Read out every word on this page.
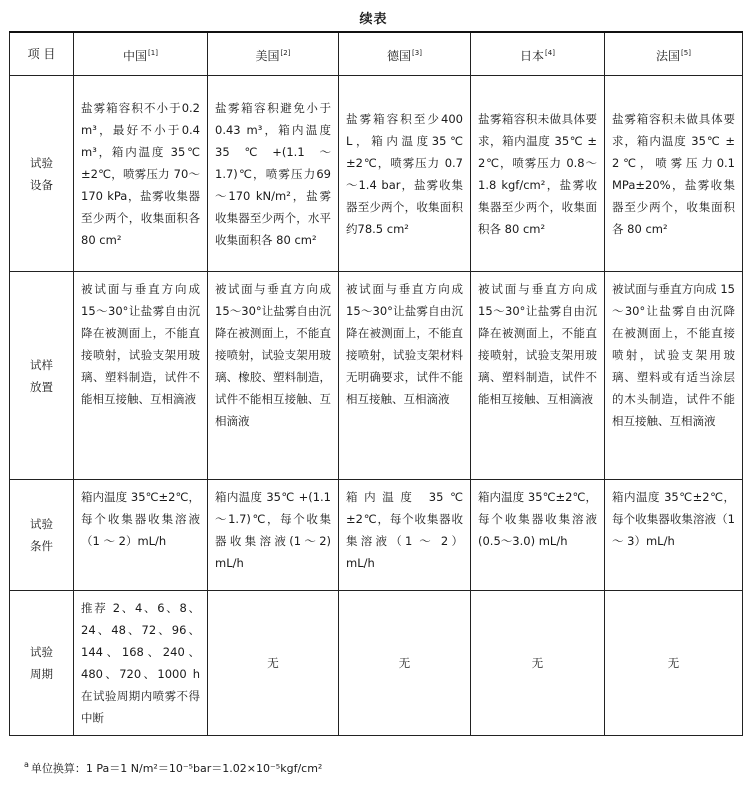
续表
项 目	中国[1]	美国[2]	德国[3]	日本[4]	法国[5]

试验
设备	盐雾箱容积不小于0.2 m³，最好不小于0.4 m³，箱内温度 35℃±2℃，喷雾压力 70～170 kPa，盐雾收集器至少两个，收集面积各 80 cm²	盐雾箱容积避免小于 0.43 m³，箱内温度 35℃+(1.1～1.7)℃，喷雾压力69～170 kN/m²，盐雾收集器至少两个，水平收集面积各 80 cm²	盐雾箱容积至少400 L，箱内温度35℃±2℃，喷雾压力 0.7～1.4 bar，盐雾收集器至少两个，收集面积约78.5 cm²	盐雾箱容积未做具体要求，箱内温度 35℃ ± 2℃，喷雾压力 0.8～1.8 kgf/cm²，盐雾收集器至少两个，收集面积各 80 cm²	盐雾箱容积未做具体要求，箱内温度 35℃ ± 2℃，喷雾压力0.1 MPa±20%，盐雾收集器至少两个，收集面积各 80 cm²

试样
放置	被试面与垂直方向成 15～30°让盐雾自由沉降在被测面上，不能直接喷射，试验支架用玻璃、塑料制造，试件不能相互接触、互相滴液	被试面与垂直方向成 15～30°让盐雾自由沉降在被测面上，不能直接喷射，试验支架用玻璃、橡胶、塑料制造，试件不能相互接触、互相滴液	被试面与垂直方向成 15～30°让盐雾自由沉降在被测面上，不能直接喷射，试验支架材料无明确要求，试件不能相互接触、互相滴液	被试面与垂直方向成 15～30°让盐雾自由沉降在被测面上，不能直接喷射，试验支架用玻璃、塑料制造，试件不能相互接触、互相滴液	被试面与垂直方向成 15～30°让盐雾自由沉降在被测面上，不能直接喷射，试验支架用玻璃、塑料或有适当涂层的木头制造，试件不能相互接触、互相滴液

试验
条件	箱内温度 35℃±2℃，每个收集器收集溶液（1 ～ 2）mL/h	箱内温度 35℃ +(1.1～1.7)℃，每个收集器收集溶液(1～2) mL/h	箱内温度 35℃±2℃，每个收集器收集溶液（1 ～ 2）mL/h	箱内温度 35℃±2℃，每个收集器收集溶液(0.5～3.0) mL/h	箱内温度 35℃±2℃，每个收集器收集溶液（1 ～ 3）mL/h

试验
周期	推荐 2、4、6、8、24、48、72、96、144、168、240、480、720、1000 h 在试验周期内喷雾不得中断	无	无	无	无
$^a$ 单位换算：1 Pa＝1 N/m²＝10⁻⁵bar＝1.02×10⁻⁵kgf/cm²
